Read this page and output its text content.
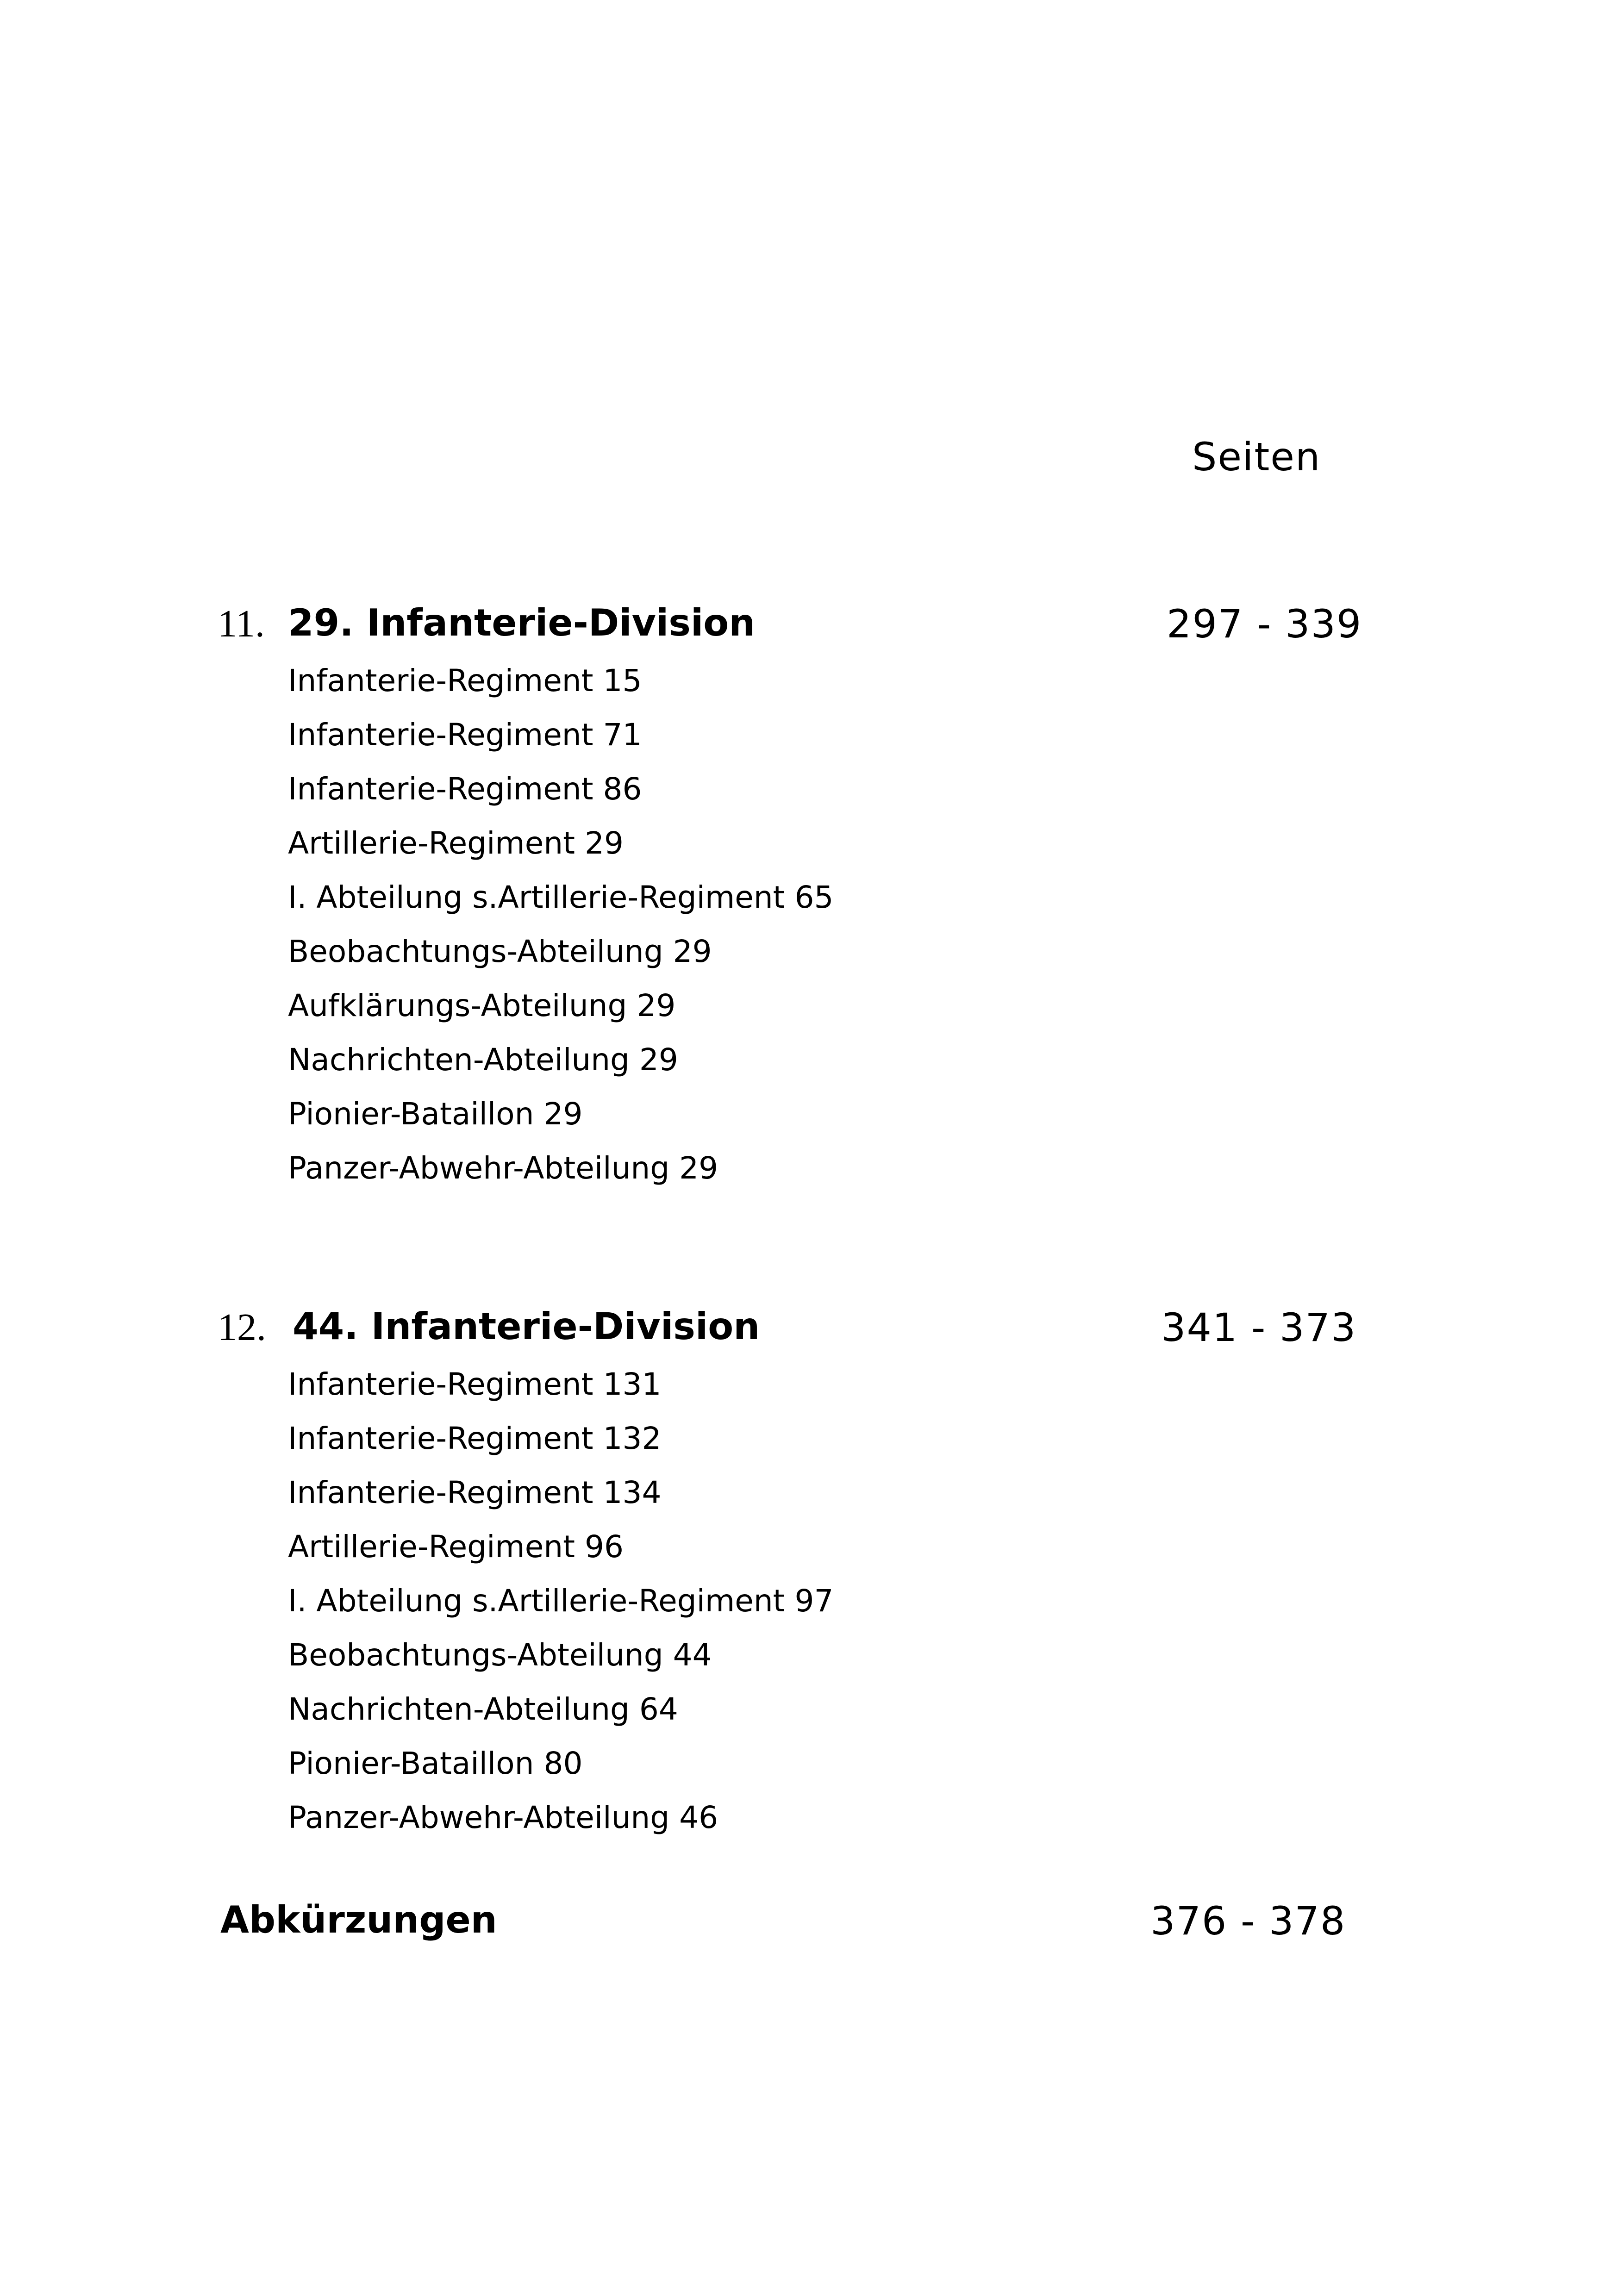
Seiten
11. 29. Infanterie-Division	297 - 339
Infanterie-Regiment 15
Infanterie-Regiment 71
Infanterie-Regiment 86
Artillerie-Regiment 29
I. Abteilung s.Artillerie-Regiment 65
Beobachtungs-Abteilung 29
Aufklärungs-Abteilung 29
Nachrichten-Abteilung 29
Pionier-Bataillon 29
Panzer-Abwehr-Abteilung 29
12. 44. Infanterie-Division	341 - 373
Infanterie-Regiment 131
Infanterie-Regiment 132
Infanterie-Regiment 134
Artillerie-Regiment 96
I. Abteilung s.Artillerie-Regiment 97
Beobachtungs-Abteilung 44
Nachrichten-Abteilung 64
Pionier-Bataillon 80
Panzer-Abwehr-Abteilung 46
Abkürzungen	376 - 378
